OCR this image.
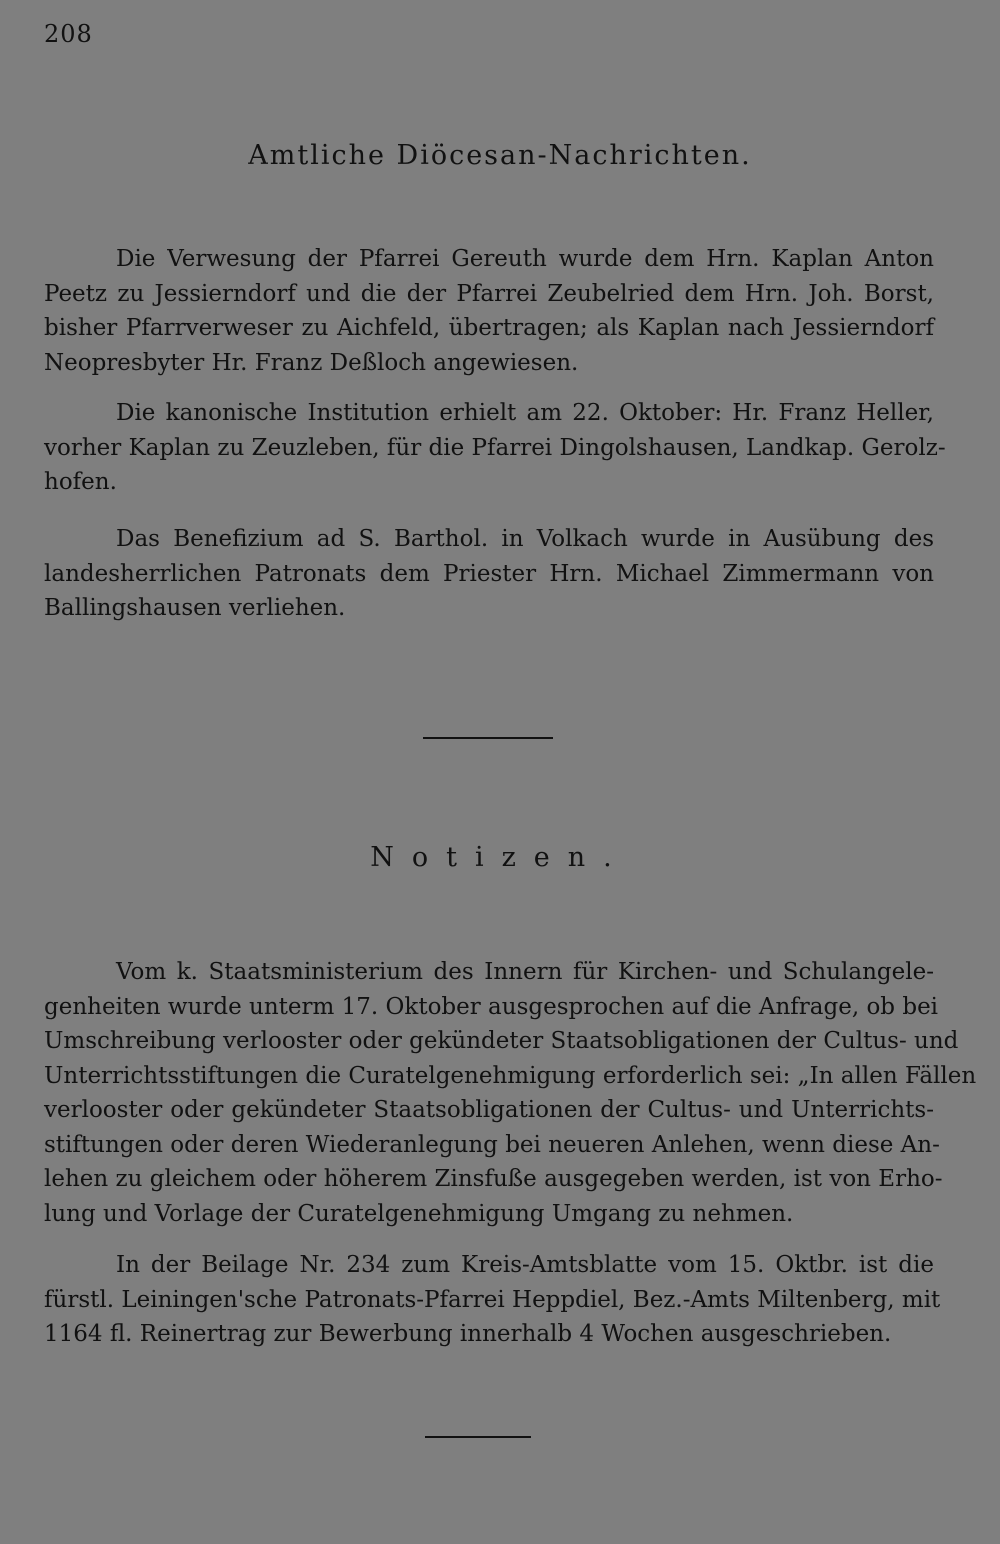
208
Amtliche Diöcesan-Nachrichten.
Die Verwesung der Pfarrei Gereuth wurde dem Hrn. Kaplan Anton
Peetz zu Jessierndorf und die der Pfarrei Zeubelried dem Hrn. Joh. Borst,
bisher Pfarrverweser zu Aichfeld, übertragen; als Kaplan nach Jessierndorf
Neopresbyter Hr. Franz Deßloch angewiesen.
Die kanonische Institution erhielt am 22. Oktober: Hr. Franz Heller,
vorher Kaplan zu Zeuzleben, für die Pfarrei Dingolshausen, Landkap. Gerolz-
hofen.
Das Benefizium ad S. Barthol. in Volkach wurde in Ausübung des
landesherrlichen Patronats dem Priester Hrn. Michael Zimmermann von
Ballingshausen verliehen.
Notizen.
Vom k. Staatsministerium des Innern für Kirchen- und Schulangele-
genheiten wurde unterm 17. Oktober ausgesprochen auf die Anfrage, ob bei
Umschreibung verlooster oder gekündeter Staatsobligationen der Cultus- und
Unterrichtsstiftungen die Curatelgenehmigung erforderlich sei: „In allen Fällen
verlooster oder gekündeter Staatsobligationen der Cultus- und Unterrichts-
stiftungen oder deren Wiederanlegung bei neueren Anlehen, wenn diese An-
lehen zu gleichem oder höherem Zinsfuße ausgegeben werden, ist von Erho-
lung und Vorlage der Curatelgenehmigung Umgang zu nehmen.
In der Beilage Nr. 234 zum Kreis-Amtsblatte vom 15. Oktbr. ist die
fürstl. Leiningen'sche Patronats-Pfarrei Heppdiel, Bez.-Amts Miltenberg, mit
1164 fl. Reinertrag zur Bewerbung innerhalb 4 Wochen ausgeschrieben.
